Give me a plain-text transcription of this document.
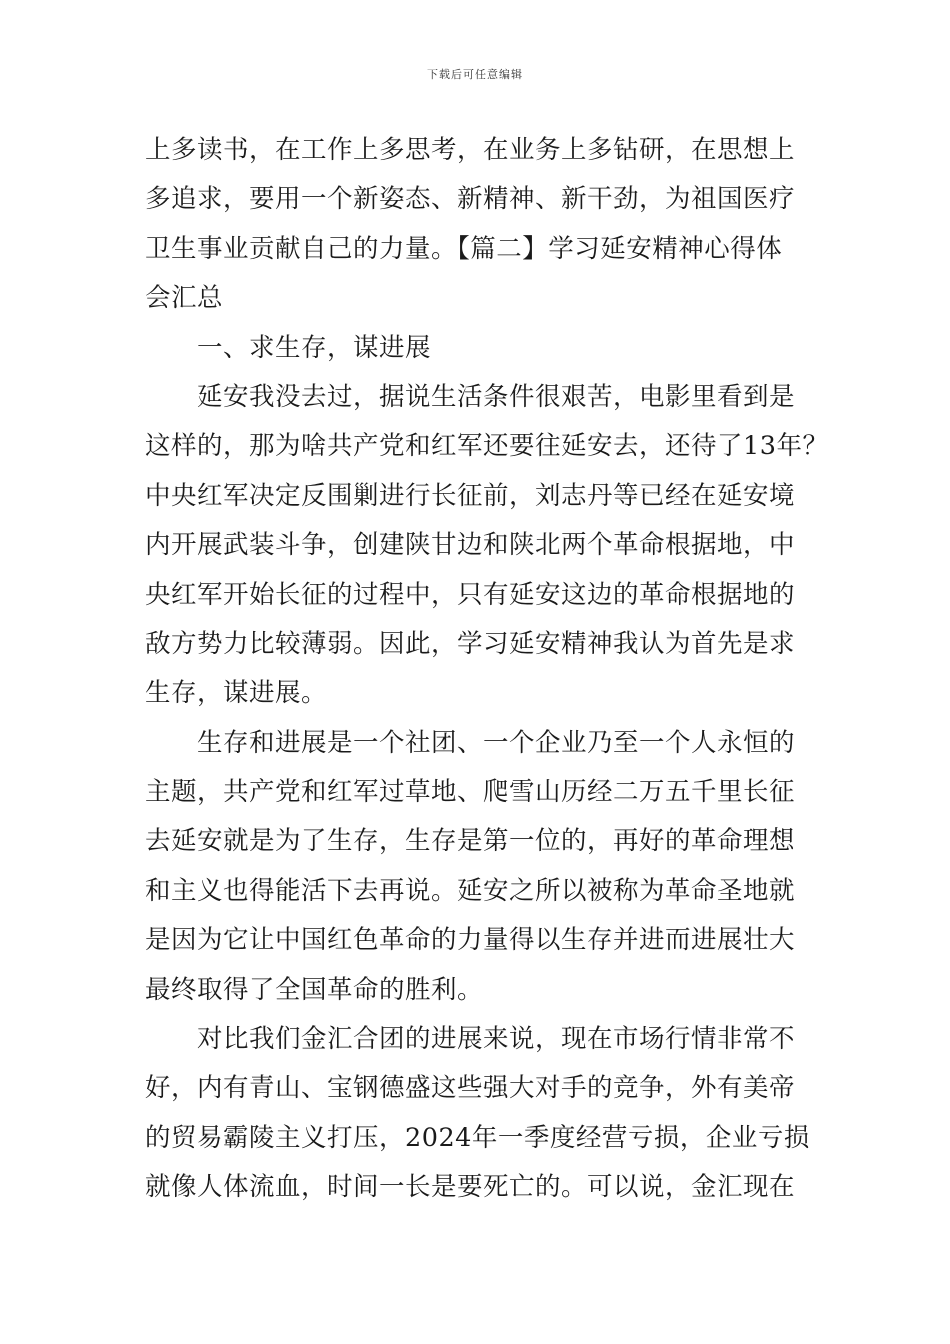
下载后可任意编辑
上多读书，在工作上多思考，在业务上多钻研，在思想上
多追求，要用一个新姿态、新精神、新干劲，为祖国医疗
卫生事业贡献自己的力量。【篇二】学习延安精神心得体
会汇总
一、求生存，谋进展
延安我没去过，据说生活条件很艰苦，电影里看到是
这样的，那为啥共产党和红军还要往延安去，还待了13年？
中央红军决定反围剿进行长征前，刘志丹等已经在延安境
内开展武装斗争，创建陕甘边和陕北两个革命根据地，中
央红军开始长征的过程中，只有延安这边的革命根据地的
敌方势力比较薄弱。因此，学习延安精神我认为首先是求
生存，谋进展。
生存和进展是一个社团、一个企业乃至一个人永恒的
主题，共产党和红军过草地、爬雪山历经二万五千里长征
去延安就是为了生存，生存是第一位的，再好的革命理想
和主义也得能活下去再说。延安之所以被称为革命圣地就
是因为它让中国红色革命的力量得以生存并进而进展壮大
最终取得了全国革命的胜利。
对比我们金汇合团的进展来说，现在市场行情非常不
好，内有青山、宝钢德盛这些强大对手的竞争，外有美帝
的贸易霸陵主义打压，2024年一季度经营亏损，企业亏损
就像人体流血，时间一长是要死亡的。可以说，金汇现在
